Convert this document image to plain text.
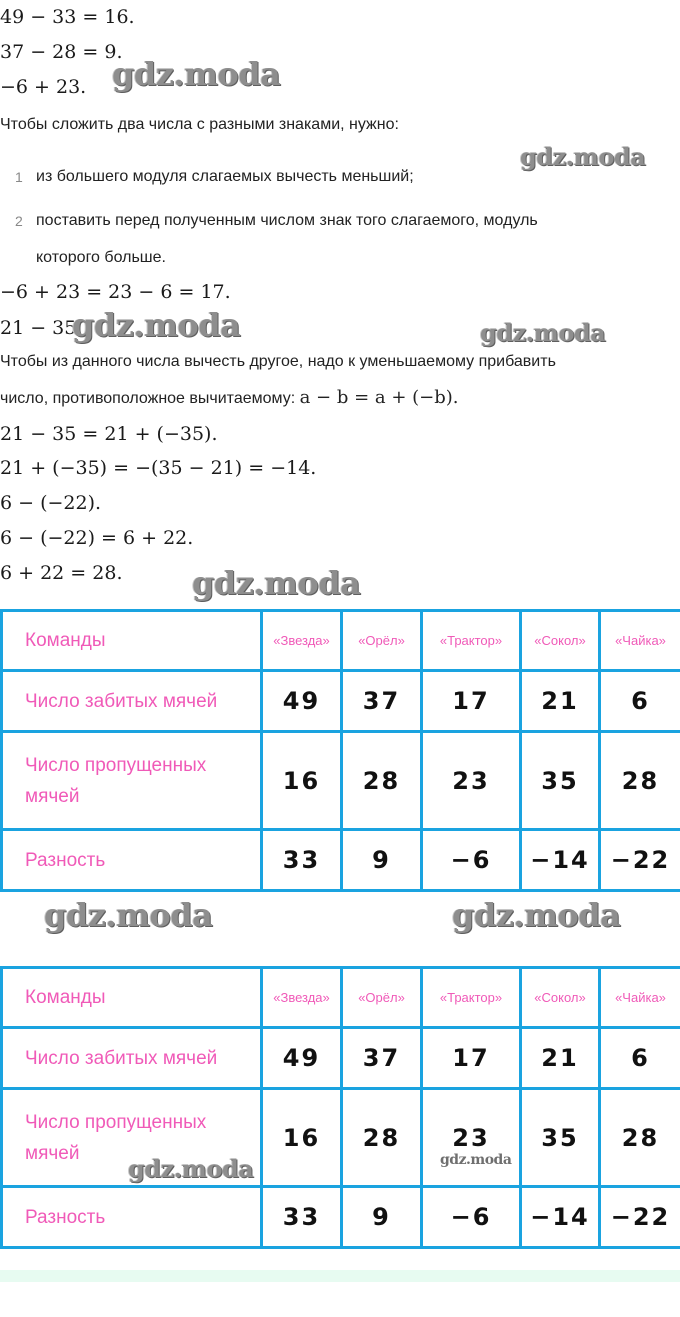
49 − 33 = 16.
37 − 28 = 9.
−6 + 23. gdz.moda
Чтобы сложить два числа с разными знаками, нужно:
gdz.moda
1 из большего модуля слагаемых вычесть меньший;
2 поставить перед полученным числом знак того слагаемого, модуль
которого больше.
−6 + 23 = 23 − 6 = 17.
21 − 35.
gdz.moda	gdz.moda
Чтобы из данного числа вычесть другое, надо к уменьшаемому прибавить
число, противоположное вычитаемому: a − b = a + (−b).
21 − 35 = 21 + (−35).
21 + (−35) = −(35 − 21) = −14.
6 − (−22).
6 − (−22) = 6 + 22.
6 + 22 = 28. gdz.moda
Команды	«Звезда»	«Орёл»	«Трактор»	«Сокол»	«Чайка»
Число забитых мячей	49	37	17	21	6
Число пропущенных
мячей	16	28	23	35	28
Разность	33	9	−6	−14	−22
gdz.moda	gdz.moda
Команды	«Звезда»	«Орёл»	«Трактор»	«Сокол»	«Чайка»
Число забитых мячей	49	37	17	21	6
Число пропущенных
мячей	16	28	23	35	28
Разность	33	9	−6	−14	−22
gdz.moda	gdz.moda
